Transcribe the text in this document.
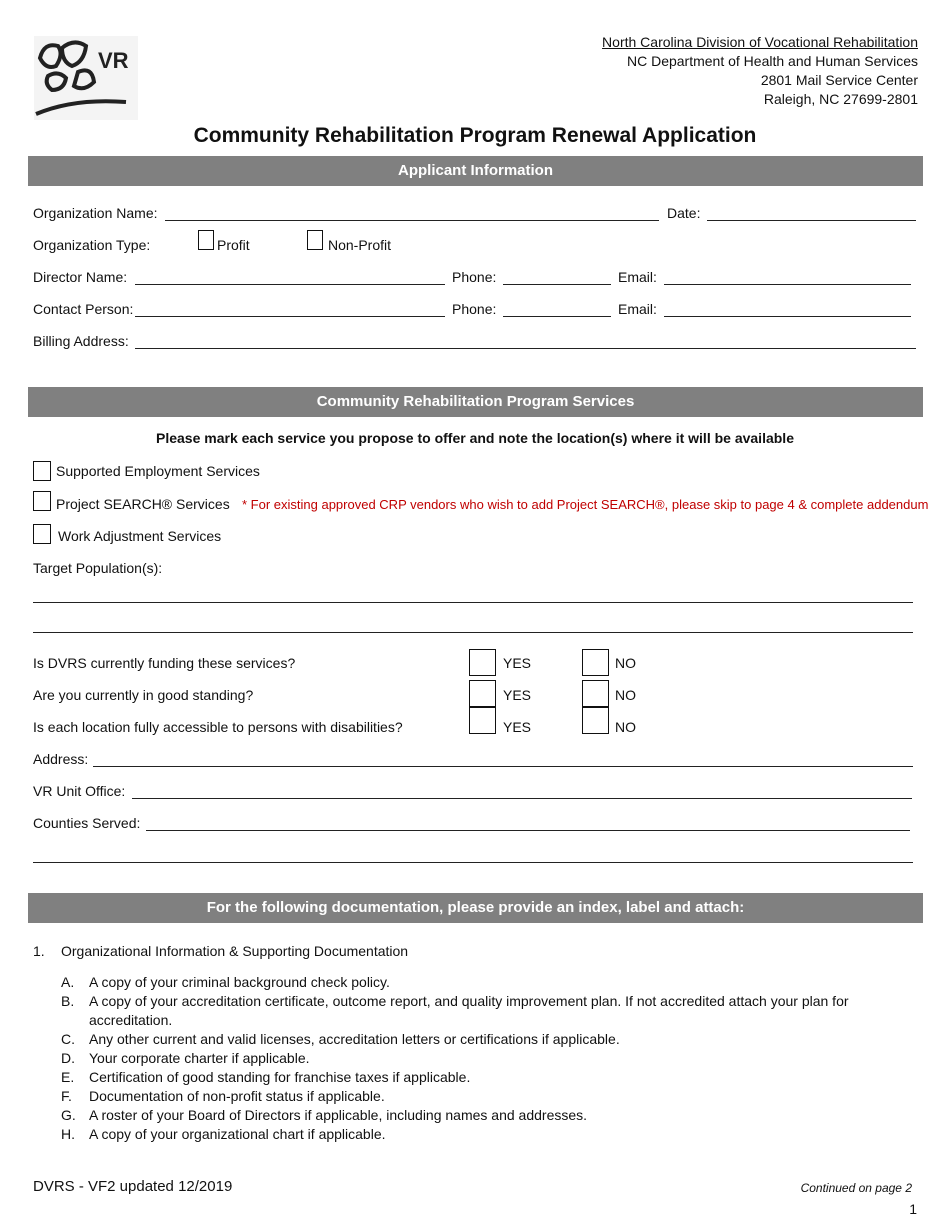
VR
North Carolina Division of Vocational Rehabilitation
NC Department of Health and Human Services
2801 Mail Service Center
Raleigh, NC 27699-2801
Community Rehabilitation Program Renewal Application
Applicant Information
Organization Name:	Date:
Organization Type:	Profit	Non-Profit
Director Name:	Phone:	Email:
Contact Person:	Phone:	Email:
Billing Address:
Community Rehabilitation Program Services
Please mark each service you propose to offer and note the location(s) where it will be available
Supported Employment Services
Project SEARCH® Services * For existing approved CRP vendors who wish to add Project SEARCH®, please skip to page 4 & complete addendum
Work Adjustment Services
Target Population(s):
Is DVRS currently funding these services?	YES	NO
Are you currently in good standing?	YES	NO
Is each location fully accessible to persons with disabilities?	YES	NO
Address:
VR Unit Office:
Counties Served:
For the following documentation, please provide an index, label and attach:
1. Organizational Information & Supporting Documentation
A.	A copy of your criminal background check policy.
B.	A copy of your accreditation certificate, outcome report, and quality improvement plan. If not accredited attach your plan for accreditation.
C.	Any other current and valid licenses, accreditation letters or certifications if applicable.
D.	Your corporate charter if applicable.
E.	Certification of good standing for franchise taxes if applicable.
F.	Documentation of non-profit status if applicable.
G. A roster of your Board of Directors if applicable, including names and addresses.
H.	A copy of your organizational chart if applicable.
DVRS - VF2 updated 12/2019	Continued on page 2
1
